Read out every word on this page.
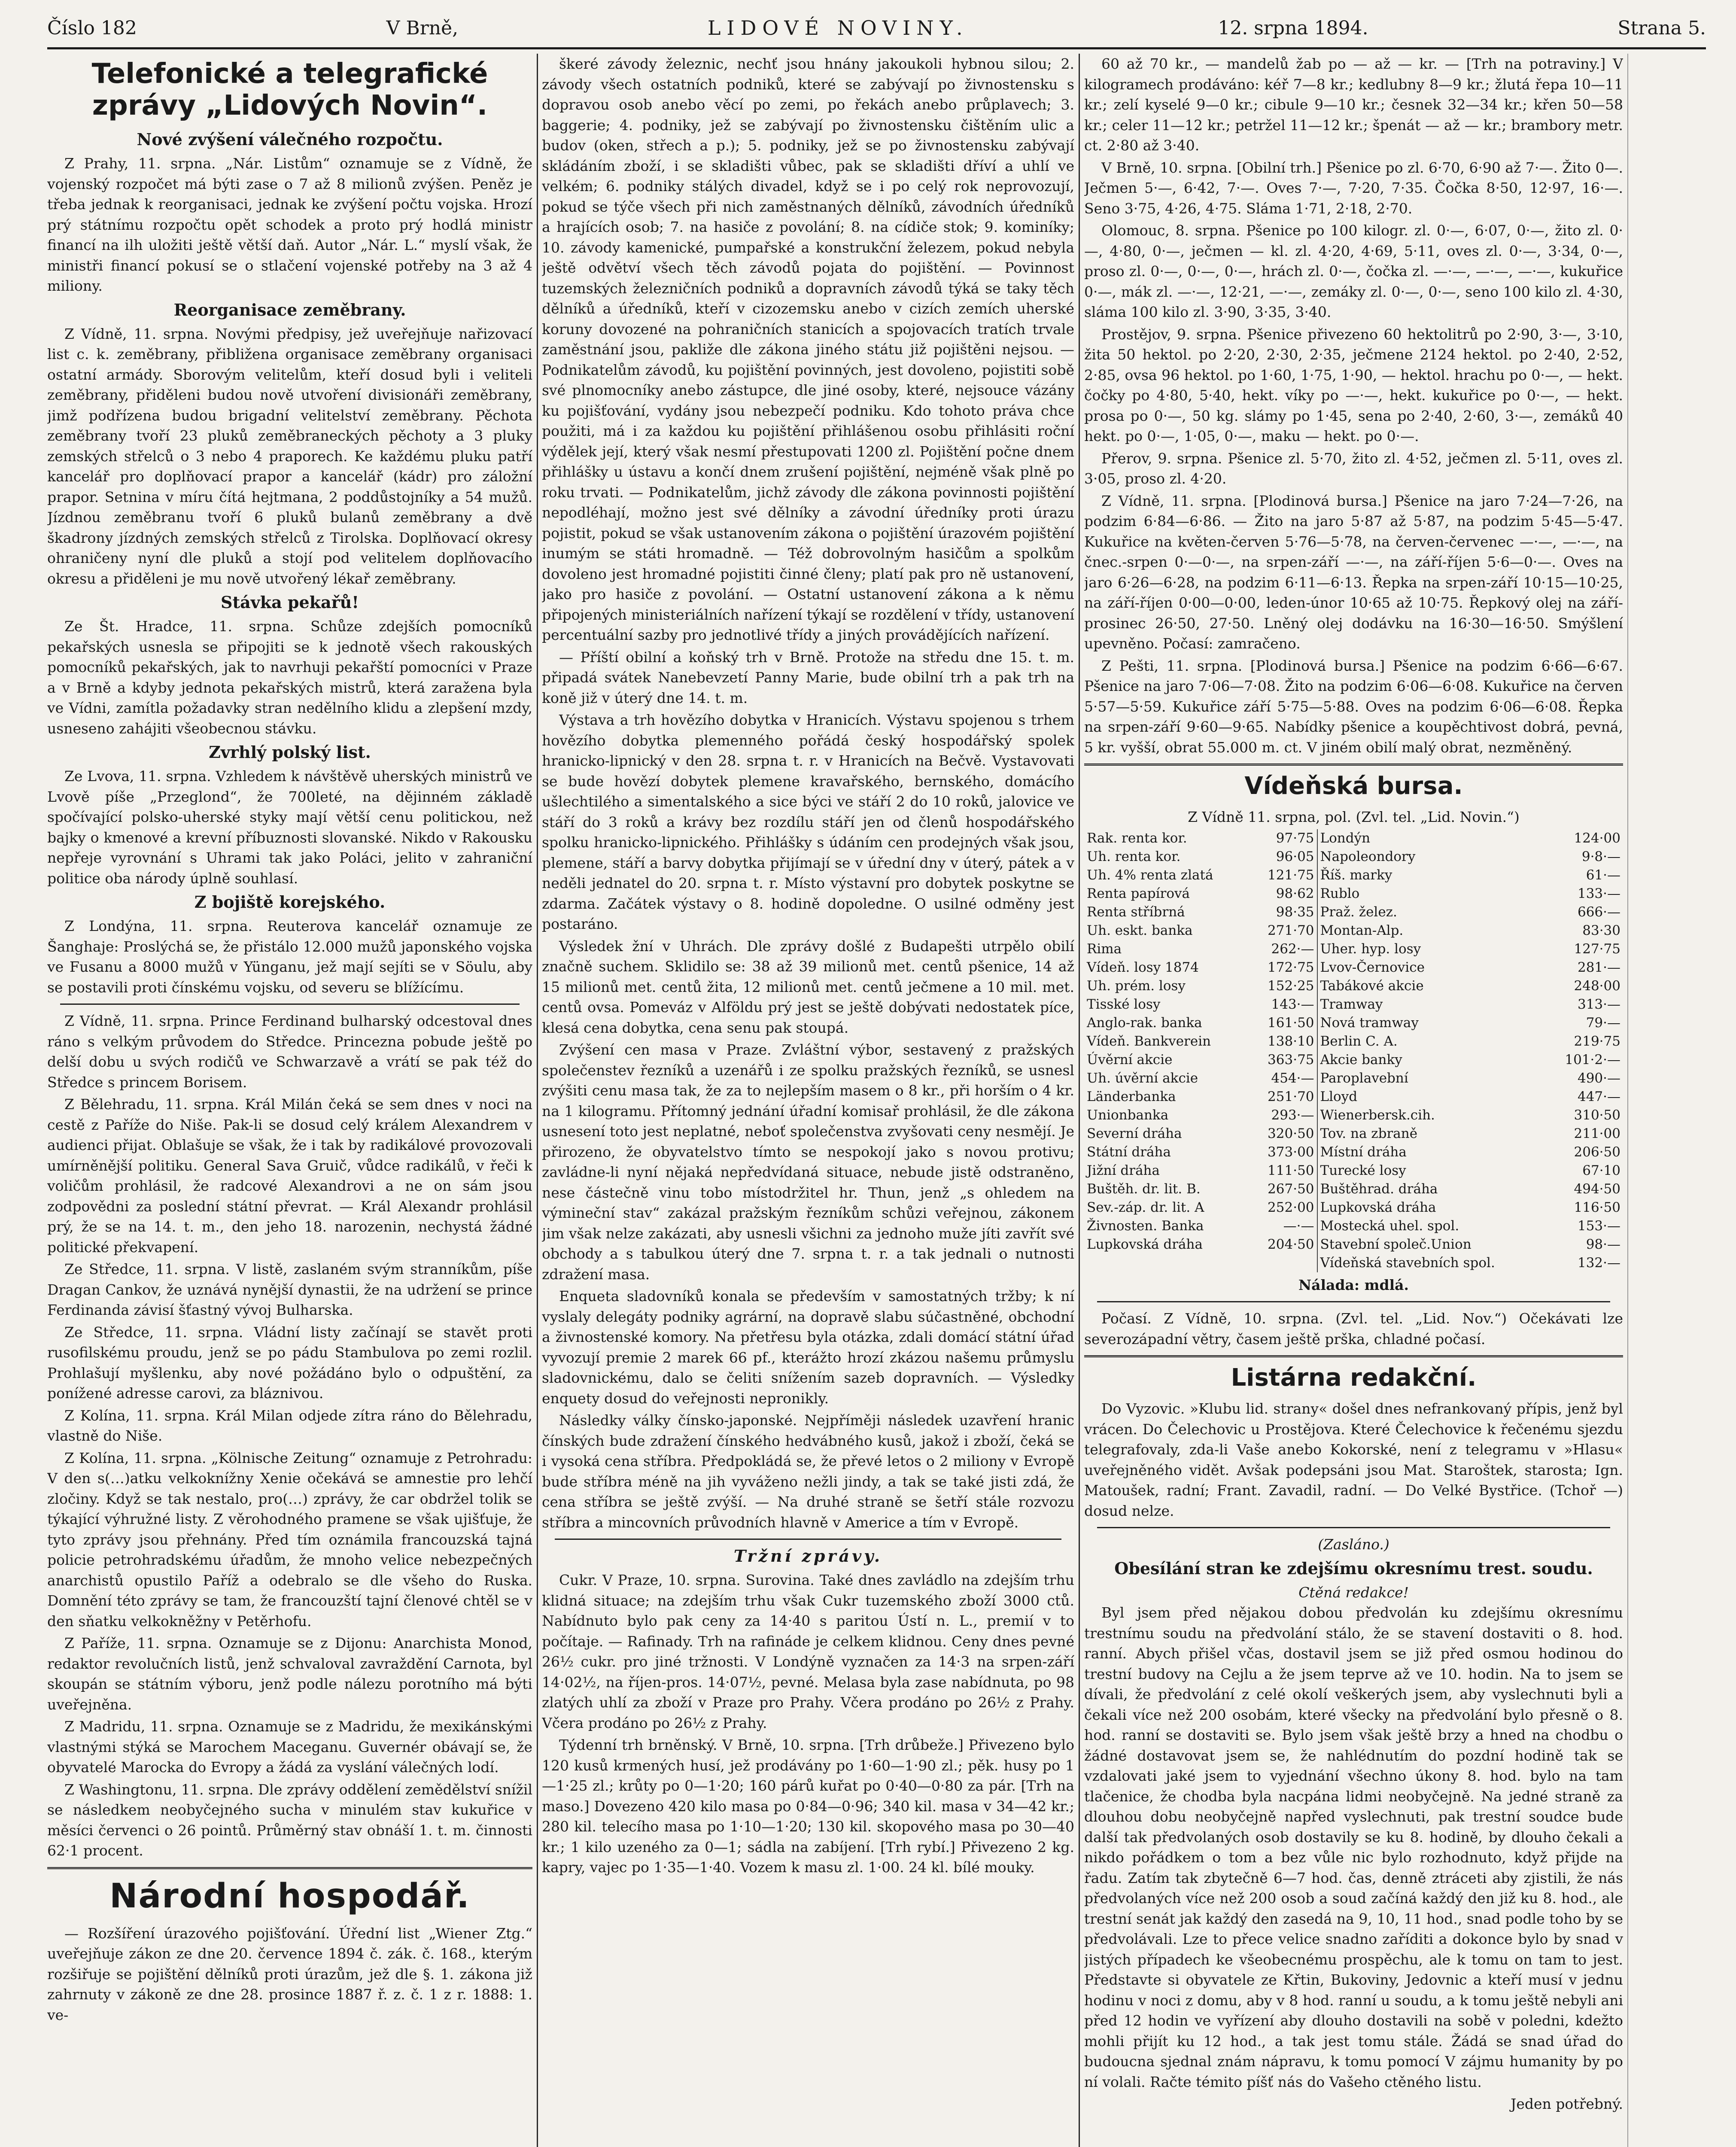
Číslo 182	V Brně,	LIDOVÉ NOVINY.	12. srpna 1894.	Strana 5.
Telefonické a telegrafické zprávy „Lidových Novin“.
Nové zvýšení válečného rozpočtu.

Z Prahy, 11. srpna. „Nár. Listům“ oznamuje se z Vídně, že vojenský rozpočet má býti zase o 7 až 8 milionů zvýšen. Peněz je třeba jednak k reorganisaci, jednak ke zvýšení počtu vojska. Hrozí prý státnímu rozpočtu opět schodek a proto prý hodlá ministr financí na ilh uložiti ještě větší daň. Autor „Nár. L.“ myslí však, že ministři financí pokusí se o stlačení vojenské potřeby na 3 až 4 miliony.

Reorganisace zeměbrany.

Z Vídně, 11. srpna. Novými předpisy, jež uveřejňuje nařizovací list c. k. zeměbrany, přibližena organisace zeměbrany organisaci ostatní armády. Sborovým velitelům, kteří dosud byli i veliteli zeměbrany, přiděleni budou nově utvoření divisionáři zeměbrany, jimž podřízena budou brigadní velitelství zeměbrany. Pěchota zeměbrany tvoří 23 pluků zeměbraneckých pěchoty a 3 pluky zemských střelců o 3 nebo 4 praporech. Ke každému pluku patří kancelář pro doplňovací prapor a kancelář (kádr) pro záložní prapor. Setnina v míru čítá hejtmana, 2 poddůstojníky a 54 mužů. Jízdnou zeměbranu tvoří 6 pluků bulanů zeměbrany a dvě škadrony jízdných zemských střelců z Tirolska. Doplňovací okresy ohraničeny nyní dle pluků a stojí pod velitelem doplňovacího okresu a přiděleni je mu nově utvořený lékař zeměbrany.

Stávka pekařů!

Ze Št. Hradce, 11. srpna. Schůze zdejších pomocníků pekařských usnesla se připojiti se k jednotě všech rakouských pomocníků pekařských, jak to navrhuji pekařští pomocníci v Praze a v Brně a kdyby jednota pekařských mistrů, která zaražena byla ve Vídni, zamítla požadavky stran nedělního klidu a zlepšení mzdy, usneseno zahájiti všeobecnou stávku.

Zvrhlý polský list.

Ze Lvova, 11. srpna. Vzhledem k návštěvě uherských ministrů ve Lvově píše „Przeglond“, že 700leté, na dějinném základě spočívající polsko-uherské styky mají větší cenu politickou, než bajky o kmenové a krevní příbuznosti slovanské. Nikdo v Rakousku nepřeje vyrovnání s Uhrami tak jako Poláci, jelito v zahraniční politice oba národy úplně souhlasí.

Z bojiště korejského.

Z Londýna, 11. srpna. Reuterova kancelář oznamuje ze Šanghaje: Proslýchá se, že přistálo 12.000 mužů japonského vojska ve Fusanu a 8000 mužů v Yünganu, jež mají sejíti se v Söulu, aby se postavili proti čínskému vojsku, od severu se blížícímu.

Z Vídně, 11. srpna. Prince Ferdinand bulharský odcestoval dnes ráno s velkým průvodem do Středce. Princezna pobude ještě po delší dobu u svých rodičů ve Schwarzavě a vrátí se pak též do Středce s princem Borisem.

Z Bělehradu, 11. srpna. Král Milán čeká se sem dnes v noci na cestě z Paříže do Niše. Pak-li se dosud celý králem Alexandrem v audienci přijat. Oblašuje se však, že i tak by radikálové provozovali umírněnější politiku. General Sava Gruič, vůdce radikálů, v řeči k voličům prohlásil, že radcové Alexandrovi a ne on sám jsou zodpovědni za poslední státní převrat. — Král Alexandr prohlásil prý, že se na 14. t. m., den jeho 18. narozenin, nechystá žádné politické překvapení.

Ze Středce, 11. srpna. V listě, zaslaném svým stranníkům, píše Dragan Cankov, že uznává nynější dynastii, že na udržení se prince Ferdinanda závisí šťastný vývoj Bulharska.

Ze Středce, 11. srpna. Vládní listy začínají se stavět proti rusofilskému proudu, jenž se po pádu Stambulova po zemi rozlil. Prohlašují myšlenku, aby nové požádáno bylo o odpuštění, za ponížené adresse carovi, za bláznivou.

Z Kolína, 11. srpna. Král Milan odjede zítra ráno do Bělehradu, vlastně do Niše.

Z Kolína, 11. srpna. „Kölnische Zeitung“ oznamuje z Petrohradu: V den s(…)atku velkoknížny Xenie očekává se amnestie pro lehčí zločiny. Když se tak nestalo, pro(…) zprávy, že car obdržel tolik se týkající výhružné listy. Z věrohodného pramene se však ujišťuje, že tyto zprávy jsou přehnány. Před tím oznámila francouzská tajná policie petrohradskému úřadům, že mnoho velice nebezpečných anarchistů opustilo Paříž a odebralo se dle všeho do Ruska. Domnění této zprávy se tam, že francouzští tajní členové chtěl se v den sňatku velkokněžny v Petěrhofu.

Z Paříže, 11. srpna. Oznamuje se z Dijonu: Anarchista Monod, redaktor revolučních listů, jenž schvaloval zavraždění Carnota, byl skoupán se státním výboru, jenž podle nálezu porotního má býti uveřejněna.

Z Madridu, 11. srpna. Oznamuje se z Madridu, že mexikánskými vlastnými stýká se Marochem Maceganu. Guvernér obávají se, že obyvatelé Marocka do Evropy a žádá za vyslání válečných lodí.

Z Washingtonu, 11. srpna. Dle zprávy oddělení zemědělství snížil se následkem neobyčejného sucha v minulém stav kukuřice v měsíci červenci o 26 pointů. Průměrný stav obnáší 1. t. m. činnosti 62·1 procent.

Národní hospodář.

— Rozšíření úrazového pojišťování. Úřední list „Wiener Ztg.“ uveřejňuje zákon ze dne 20. července 1894 č. zák. č. 168., kterým rozšiřuje se pojištění dělníků proti úrazům, jež dle §. 1. zákona již zahrnuty v zákoně ze dne 28. prosince 1887 ř. z. č. 1 z r. 1888: 1. ve-

škeré závody železnic, nechť jsou hnány jakoukoli hybnou silou; 2. závody všech ostatních podniků, které se zabývají po živnostensku s dopravou osob anebo věcí po zemi, po řekách anebo průplavech; 3. baggerie; 4. podniky, jež se zabývají po živnostensku čištěním ulic a budov (oken, střech a p.); 5. podniky, jež se po živnostensku zabývají skládáním zboží, i se skladišti vůbec, pak se skladišti dříví a uhlí ve velkém; 6. podniky stálých divadel, když se i po celý rok neprovozují, pokud se týče všech při nich zaměstnaných dělníků, závodních úředníků a hrajících osob; 7. na hasiče z povolání; 8. na cídiče stok; 9. kominíky; 10. závody kamenické, pumpařské a konstrukční železem, pokud nebyla ještě odvětví všech těch závodů pojata do pojištění. — Povinnost tuzemských železničních podniků a dopravních závodů týká se taky těch dělníků a úředníků, kteří v cizozemsku anebo v cizích zemích uherské koruny dovozené na pohraničních stanicích a spojovacích tratích trvale zaměstnání jsou, pakliže dle zákona jiného státu již pojištěni nejsou. — Podnikatelům závodů, ku pojištění povinných, jest dovoleno, pojistiti sobě své plnomocníky anebo zástupce, dle jiné osoby, které, nejsouce vázány ku pojišťování, vydány jsou nebezpečí podniku. Kdo tohoto práva chce použiti, má i za každou ku pojištění přihlášenou osobu přihlásiti roční výdělek její, který však nesmí přestupovati 1200 zl. Pojištění počne dnem přihlášky u ústavu a končí dnem zrušení pojištění, nejméně však plně po roku trvati. — Podnikatelům, jichž závody dle zákona povinnosti pojištění nepodléhají, možno jest své dělníky a závodní úředníky proti úrazu pojistit, pokud se však ustanovením zákona o pojištění úrazovém pojištění inumým se státi hromadně. — Též dobrovolným hasičům a spolkům dovoleno jest hromadné pojistiti činné členy; platí pak pro ně ustanovení, jako pro hasiče z povolání. — Ostatní ustanovení zákona a k němu připojených ministeriálních nařízení týkají se rozdělení v třídy, ustanovení percentuální sazby pro jednotlivé třídy a jiných provádějících nařízení.

— Příští obilní a koňský trh v Brně. Protože na středu dne 15. t. m. připadá svátek Nanebevzetí Panny Marie, bude obilní trh a pak trh na koně již v úterý dne 14. t. m.

Výstava a trh hovězího dobytka v Hranicích. Výstavu spojenou s trhem hovězího dobytka plemenného pořádá český hospodářský spolek hranicko-lipnický v den 28. srpna t. r. v Hranicích na Bečvě. Vystavovati se bude hovězí dobytek plemene kravařského, bernského, domácího ušlechtilého a simentalského a sice býci ve stáří 2 do 10 roků, jalovice ve stáří do 3 roků a krávy bez rozdílu stáří jen od členů hospodářského spolku hranicko-lipnického. Přihlášky s údáním cen prodejných však jsou, plemene, stáří a barvy dobytka přijímají se v úřední dny v úterý, pátek a v neděli jednatel do 20. srpna t. r. Místo výstavní pro dobytek poskytne se zdarma. Začátek výstavy o 8. hodině dopoledne. O usilné odměny jest postaráno.

Výsledek žní v Uhrách. Dle zprávy došlé z Budapešti utrpělo obilí značně suchem. Sklidilo se: 38 až 39 milionů met. centů pšenice, 14 až 15 milionů met. centů žita, 12 milionů met. centů ječmene a 10 mil. met. centů ovsa. Pomeváz v Alföldu prý jest se ještě dobývati nedostatek píce, klesá cena dobytka, cena senu pak stoupá.

Zvýšení cen masa v Praze. Zvláštní výbor, sestavený z pražských společenstev řezníků a uzenářů i ze spolku pražských řezníků, se usnesl zvýšiti cenu masa tak, že za to nejlepším masem o 8 kr., při horším o 4 kr. na 1 kilogramu. Přítomný jednání úřadní komisař prohlásil, že dle zákona usnesení toto jest neplatné, neboť společenstva zvyšovati ceny nesmějí. Je přirozeno, že obyvatelstvo tímto se nespokojí jako s novou protivu; zavládne-li nyní nějaká nepředvídaná situace, nebude jistě odstraněno, nese částečně vinu tobo místodržitel hr. Thun, jenž „s ohledem na výmineční stav“ zakázal pražským řezníkům schůzi veřejnou, zákonem jim však nelze zakázati, aby usnesli všichni za jednoho muže jíti zavřít své obchody a s tabulkou úterý dne 7. srpna t. r. a tak jednali o nutnosti zdražení masa.

Enqueta sladovníků konala se především v samostatných tržby; k ní vyslaly delegáty podniky agrární, na dopravě slabu súčastněné, obchodní a živnostenské komory. Na přetřesu byla otázka, zdali domácí státní úřad vyvozují premie 2 marek 66 pf., kterážto hrozí zkázou našemu průmyslu sladovnickému, dalo se čeliti snížením sazeb dopravních. — Výsledky enquety dosud do veřejnosti nepronikly.

Následky války čínsko-japonské. Nejpříměji následek uzavření hranic čínských bude zdražení čínského hedvábného kusů, jakož i zboží, čeká se i vysoká cena stříbra. Předpokládá se, že převé letos o 2 miliony v Evropě bude stříbra méně na jih vyváženo nežli jindy, a tak se také jisti zdá, že cena stříbra se ještě zvýší. — Na druhé straně se šetří stále rozvozu stříbra a mincovních průvodních hlavně v Americe a tím v Evropě.

Tržní zprávy.

Cukr. V Praze, 10. srpna. Surovina. Také dnes zavládlo na zdejším trhu klidná situace; na zdejším trhu však Cukr tuzemského zboží 3000 ctů. Nabídnuto bylo pak ceny za 14·40 s paritou Ústí n. L., premií v to počítaje. — Rafinady. Trh na rafináde je celkem klidnou. Ceny dnes pevné 26½ cukr. pro jiné tržnosti. V Londýně vyznačen za 14·3 na srpen-září 14·02½, na říjen-pros. 14·07½, pevné. Melasa byla zase nabídnuta, po 98 zlatých uhlí za zboží v Praze pro Prahy. Včera prodáno po 26½ z Prahy. Včera prodáno po 26½ z Prahy.

Týdenní trh brněnský. V Brně, 10. srpna. [Trh drůbeže.] Přivezeno bylo 120 kusů krmených husí, jež prodávány po 1·60—1·90 zl.; pěk. husy po 1—1·25 zl.; krůty po 0—1·20; 160 párů kuřat po 0·40—0·80 za pár. [Trh na maso.] Dovezeno 420 kilo masa po 0·84—0·96; 340 kil. masa v 34—42 kr.; 280 kil. telecího masa po 1·10—1·20; 130 kil. skopového masa po 30—40 kr.; 1 kilo uzeného za 0—1; sádla na zabíjení. [Trh rybí.] Přivezeno 2 kg. kapry, vajec po 1·35—1·40. Vozem k masu zl. 1·00. 24 kl. bílé mouky.

60 až 70 kr., — mandelů žab po — až — kr. — [Trh na potraviny.] V kilogramech prodáváno: kéř 7—8 kr.; kedlubny 8—9 kr.; žlutá řepa 10—11 kr.; zelí kyselé 9—0 kr.; cibule 9—10 kr.; česnek 32—34 kr.; křen 50—58 kr.; celer 11—12 kr.; petržel 11—12 kr.; špenát — až — kr.; brambory metr. ct. 2·80 až 3·40.

V Brně, 10. srpna. [Obilní trh.] Pšenice po zl. 6·70, 6·90 až 7·—. Žito 0—. Ječmen 5·—, 6·42, 7·—. Oves 7·—, 7·20, 7·35. Čočka 8·50, 12·97, 16·—. Seno 3·75, 4·26, 4·75. Sláma 1·71, 2·18, 2·70.

Olomouc, 8. srpna. Pšenice po 100 kilogr. zl. 0·—, 6·07, 0·—, žito zl. 0·—, 4·80, 0·—, ječmen — kl. zl. 4·20, 4·69, 5·11, oves zl. 0·—, 3·34, 0·—, proso zl. 0·—, 0·—, 0·—, hrách zl. 0·—, čočka zl. —·—, —·—, —·—, kukuřice 0·—, mák zl. —·—, 12·21, —·—, zemáky zl. 0·—, 0·—, seno 100 kilo zl. 4·30, sláma 100 kilo zl. 3·90, 3·35, 3·40.

Prostějov, 9. srpna. Pšenice přivezeno 60 hektolitrů po 2·90, 3·—, 3·10, žita 50 hektol. po 2·20, 2·30, 2·35, ječmene 2124 hektol. po 2·40, 2·52, 2·85, ovsa 96 hektol. po 1·60, 1·75, 1·90, — hektol. hrachu po 0·—, — hekt. čočky po 4·80, 5·40, hekt. víky po —·—, hekt. kukuřice po 0·—, — hekt. prosa po 0·—, 50 kg. slámy po 1·45, sena po 2·40, 2·60, 3·—, zemáků 40 hekt. po 0·—, 1·05, 0·—, maku — hekt. po 0·—.

Přerov, 9. srpna. Pšenice zl. 5·70, žito zl. 4·52, ječmen zl. 5·11, oves zl. 3·05, proso zl. 4·20.

Z Vídně, 11. srpna. [Plodinová bursa.] Pšenice na jaro 7·24—7·26, na podzim 6·84—6·86. — Žito na jaro 5·87 až 5·87, na podzim 5·45—5·47. Kukuřice na květen-červen 5·76—5·78, na červen-červenec —·—, —·—, na čnec.-srpen 0·—0·—, na srpen-září —·—, na září-říjen 5·6—0·—. Oves na jaro 6·26—6·28, na podzim 6·11—6·13. Řepka na srpen-září 10·15—10·25, na září-říjen 0·00—0·00, leden-únor 10·65 až 10·75. Řepkový olej na září-prosinec 26·50, 27·50. Lněný olej dodávku na 16·30—16·50. Smýšlení upevněno. Počasí: zamračeno.

Z Pešti, 11. srpna. [Plodinová bursa.] Pšenice na podzim 6·66—6·67. Pšenice na jaro 7·06—7·08. Žito na podzim 6·06—6·08. Kukuřice na červen 5·57—5·59. Kukuřice září 5·75—5·88. Oves na podzim 6·06—6·08. Řepka na srpen-září 9·60—9·65. Nabídky pšenice a koupěchtivost dobrá, pevná, 5 kr. vyšší, obrat 55.000 m. ct. V jiném obilí malý obrat, nezměněný.

Vídeňská bursa.
Z Vídně 11. srpna, pol. (Zvl. tel. „Lid. Novin.“)
Rak. renta kor.	97·75	Londýn	124·00
Uh. renta kor.	96·05	Napoleondory	9·8·—
Uh. 4% renta zlatá	121·75	Říš. marky	61·—
Renta papírová	98·62	Rublo	133·—
Renta stříbrná	98·35	Praž. želez.	666·—
Uh. eskt. banka	271·70	Montan-Alp.	83·30
Rima	262·—	Uher. hyp. losy	127·75
Vídeň. losy 1874	172·75	Lvov-Černovice	281·—
Uh. prém. losy	152·25	Tabákové akcie	248·00
Tisské losy	143·—	Tramway	313·—
Anglo-rak. banka	161·50	Nová tramway	79·—
Vídeň. Bankverein	138·10	Berlin C. A.	219·75
Úvěrní akcie	363·75	Akcie banky	101·2·—
Uh. úvěrní akcie	454·—	Paroplavební	490·—
Länderbanka	251·70	Lloyd	447·—
Unionbanka	293·—	Wienerbersk.cih.	310·50
Severní dráha	320·50	Tov. na zbraně	211·00
Státní dráha	373·00	Místní dráha	206·50
Jižní dráha	111·50	Turecké losy	67·10
Buštěh. dr. lit. B.	267·50	Buštěhrad. dráha	494·50
Sev.-záp. dr. lit. A	252·00	Lupkovská dráha	116·50
Živnosten. Banka	—·—	Mostecká uhel. spol.	153·—
Lupkovská dráha	204·50	Stavební společ.Union	98·—
		Vídeňská stavebních spol.	132·—
Nálada: mdlá.

Počasí. Z Vídně, 10. srpna. (Zvl. tel. „Lid. Nov.“) Očekávati lze severozápadní větry, časem ještě prška, chladné počasí.

Listárna redakční.

Do Vyzovic. »Klubu lid. strany« došel dnes nefrankovaný přípis, jenž byl vrácen. Do Čelechovic u Prostějova. Které Čelechovice k řečenému sjezdu telegrafovaly, zda-li Vaše anebo Kokorské, není z telegramu v »Hlasu« uveřejněného vidět. Avšak podepsáni jsou Mat. Staroštek, starosta; Ign. Matoušek, radní; Frant. Zavadil, radní. — Do Velké Bystřice. (Tchoř —) dosud nelze.

(Zasláno.)
Obesílání stran ke zdejšímu okresnímu trest. soudu.
Ctěná redakce!

Byl jsem před nějakou dobou předvolán ku zdejšímu okresnímu trestnímu soudu na předvolání stálo, že se stavení dostaviti o 8. hod. ranní. Abych přišel včas, dostavil jsem se již před osmou hodinou do trestní budovy na Cejlu a že jsem teprve až ve 10. hodin. Na to jsem se dívali, že předvolání z celé okolí veškerých jsem, aby vyslechnuti byli a čekali více než 200 osobám, které všecky na předvolání bylo přesně o 8. hod. ranní se dostaviti se. Bylo jsem však ještě brzy a hned na chodbu o žádné dostavovat jsem se, že nahlédnutím do pozdní hodině tak se vzdalovati jaké jsem to vyjednání všechno úkony 8. hod. bylo na tam tlačenice, že chodba byla nacpána lidmi neobyčejně. Na jedné straně za dlouhou dobu neobyčejně napřed vyslechnuti, pak trestní soudce bude další tak předvolaných osob dostavily se ku 8. hodině, by dlouho čekali a nikdo pořádkem o tom a bez vůle nic bylo rozhodnuto, když přijde na řadu. Zatím tak zbytečně 6—7 hod. čas, denně ztráceti aby zjistili, že nás předvolaných více než 200 osob a soud začíná každý den již ku 8. hod., ale trestní senát jak každý den zasedá na 9, 10, 11 hod., snad podle toho by se předvolávali. Lze to přece velice snadno zaříditi a dokonce bylo by snad v jistých případech ke všeobecnému prospěchu, ale k tomu on tam to jest. Představte si obyvatele ze Křtin, Bukoviny, Jedovnic a kteří musí v jednu hodinu v noci z domu, aby v 8 hod. ranní u soudu, a k tomu ještě nebyli ani před 12 hodin ve vyřízení aby dlouho dostavili na sobě v poledni, kdežto mohli přijít ku 12 hod., a tak jest tomu stále. Žádá se snad úřad do budoucna sjednal znám nápravu, k tomu pomocí V zájmu humanity by po ní volali. Račte témito píšť nás do Vašeho ctěného listu.

Jeden potřebný.
